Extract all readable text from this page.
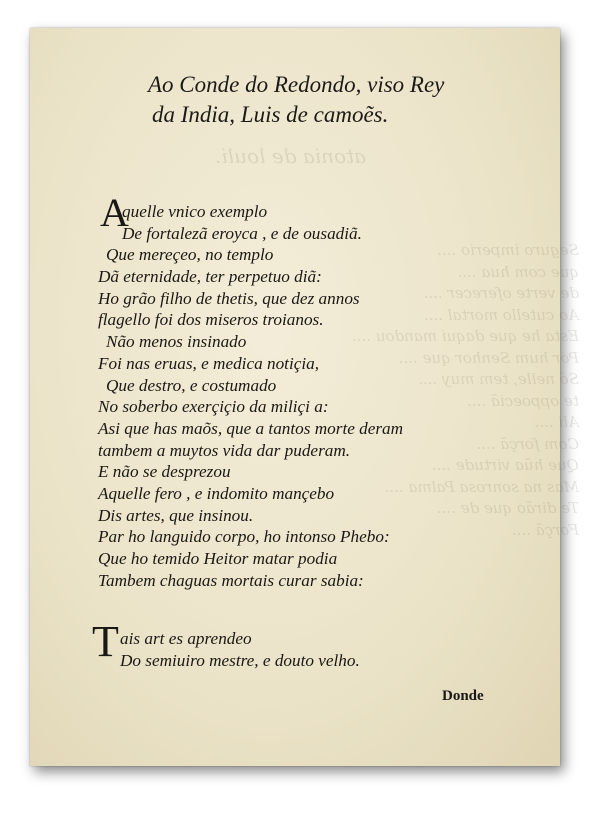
atonia de louli.
Seguro imperio ....
que com hua ....
de verte oferecer ....
Ao cutello mortal ....
Esta he que daqui mandou ....
Por hum Senhor que ....
Só nelle, tem muy ....
te oppoeciã ....
Ali ....
Com forçã ....
Que hũa virtude ....
Mas na sonrosa Palma ....
Te dirão que de ....
Forçã ....
Ao Conde do Redondo, viso Rey
da India, Luis de camoẽs.
A
quelle vnico exemplo
De fortalezã eroyca , e de ousadiã.
Que mereçeo, no templo
Dã eternidade, ter perpetuo diã:
Ho grão filho de thetis, que dez annos
flagello foi dos miseros troianos.
Não menos insinado
Foi nas eruas, e medica notiçia,
Que destro, e costumado
No soberbo exerçiçio da miliçi a:
Asi que has maõs, que a tantos morte deram
tambem a muytos vida dar puderam.
E não se desprezou
Aquelle fero , e indomito mançebo
Dis artes, que insinou.
Par ho languido corpo, ho intonso Phebo:
Que ho temido Heitor matar podia
Tambem chaguas mortais curar sabia:
T ais art es aprendeo
Do semiuiro mestre, e douto velho.
Donde
